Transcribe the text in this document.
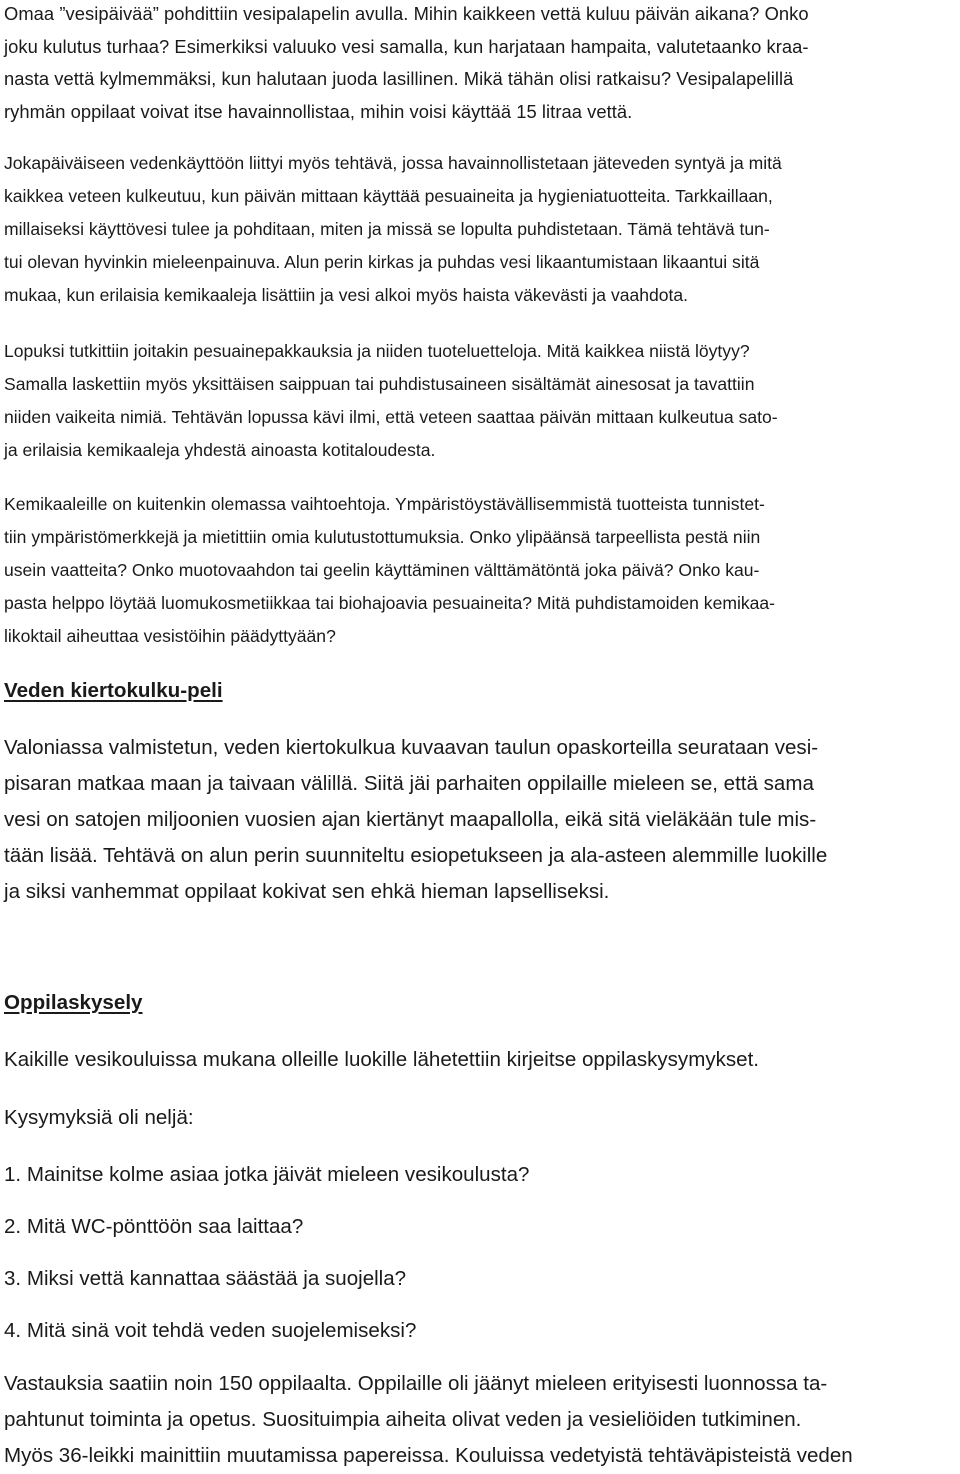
Omaa ”vesipäivää” pohdittiin vesipalapelin avulla. Mihin kaikkeen vettä kuluu päivän aikana? Onko
joku kulutus turhaa? Esimerkiksi valuuko vesi samalla, kun harjataan hampaita, valutetaanko kraa-
nasta vettä kylmemmäksi, kun halutaan juoda lasillinen. Mikä tähän olisi ratkaisu? Vesipalapelillä
ryhmän oppilaat voivat itse havainnollistaa, mihin voisi käyttää 15 litraa vettä.
Jokapäiväiseen vedenkäyttöön liittyi myös tehtävä, jossa havainnollistetaan jäteveden syntyä ja mitä
kaikkea veteen kulkeutuu, kun päivän mittaan käyttää pesuaineita ja hygieniatuotteita. Tarkkaillaan,
millaiseksi käyttövesi tulee ja pohditaan, miten ja missä se lopulta puhdistetaan. Tämä tehtävä tun-
tui olevan hyvinkin mieleenpainuva. Alun perin kirkas ja puhdas vesi likaantumistaan likaantui sitä
mukaa, kun erilaisia kemikaaleja lisättiin ja vesi alkoi myös haista väkevästi ja vaahdota.
Lopuksi tutkittiin joitakin pesuainepakkauksia ja niiden tuoteluetteloja. Mitä kaikkea niistä löytyy?
Samalla laskettiin myös yksittäisen saippuan tai puhdistusaineen sisältämät ainesosat ja tavattiin
niiden vaikeita nimiä. Tehtävän lopussa kävi ilmi, että veteen saattaa päivän mittaan kulkeutua sato-
ja erilaisia kemikaaleja yhdestä ainoasta kotitaloudesta.
Kemikaaleille on kuitenkin olemassa vaihtoehtoja. Ympäristöystävällisemmistä tuotteista tunnistet-
tiin ympäristömerkkejä ja mietittiin omia kulutustottumuksia. Onko ylipäänsä tarpeellista pestä niin
usein vaatteita? Onko muotovaahdon tai geelin käyttäminen välttämätöntä joka päivä? Onko kau-
pasta helppo löytää luomukosmetiikkaa tai biohajoavia pesuaineita? Mitä puhdistamoiden kemikaa-
likoktail aiheuttaa vesistöihin päädyttyään?
Veden kiertokulku-peli
Valoniassa valmistetun, veden kiertokulkua kuvaavan taulun opaskorteilla seurataan vesi-
pisaran matkaa maan ja taivaan välillä. Siitä jäi parhaiten oppilaille mieleen se, että sama
vesi on satojen miljoonien vuosien ajan kiertänyt maapallolla, eikä sitä vieläkään tule mis-
tään lisää. Tehtävä on alun perin suunniteltu esiopetukseen ja ala-asteen alemmille luokille
ja siksi vanhemmat oppilaat kokivat sen ehkä hieman lapselliseksi.
Oppilaskysely
Kaikille vesikouluissa mukana olleille luokille lähetettiin kirjeitse oppilaskysymykset.
Kysymyksiä oli neljä:
1. Mainitse kolme asiaa jotka jäivät mieleen vesikoulusta?
2. Mitä WC-pönttöön saa laittaa?
3. Miksi vettä kannattaa säästää ja suojella?
4. Mitä sinä voit tehdä veden suojelemiseksi?
Vastauksia saatiin noin 150 oppilaalta. Oppilaille oli jäänyt mieleen erityisesti luonnossa ta-
pahtunut toiminta ja opetus. Suosituimpia aiheita olivat veden ja vesieliöiden tutkiminen.
Myös 36-leikki mainittiin muutamissa papereissa. Kouluissa vedetyistä tehtäväpisteistä veden
